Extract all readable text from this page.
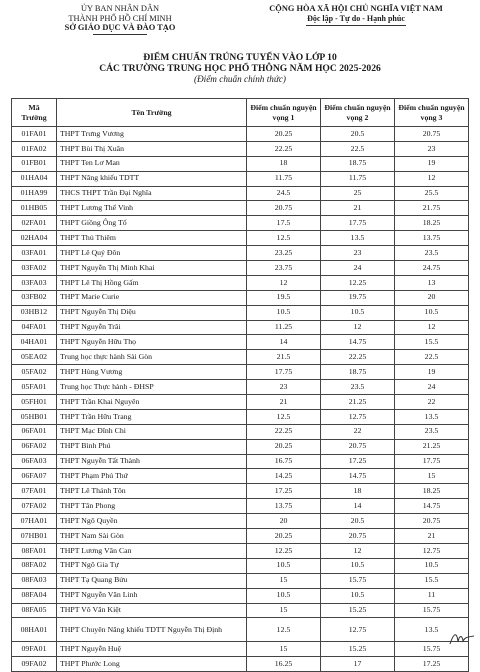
ỦY BAN NHÂN DÂN
THÀNH PHỐ HỒ CHÍ MINH
SỞ GIÁO DỤC VÀ ĐÀO TẠO
CỘNG HÒA XÃ HỘI CHỦ NGHĨA VIỆT NAM
Độc lập - Tự do - Hạnh phúc
ĐIỂM CHUẨN TRÚNG TUYỂN VÀO LỚP 10
CÁC TRƯỜNG TRUNG HỌC PHỔ THÔNG NĂM HỌC 2025-2026
(Điểm chuẩn chính thức)
Mã Trường	Tên Trường	Điểm chuẩn nguyện vọng 1	Điểm chuẩn nguyện vọng 2	Điểm chuẩn nguyện vọng 3
01FA01	THPT Trưng Vương	20.25	20.5	20.75
01FA02	THPT Bùi Thị Xuân	22.25	22.5	23
01FB01	THPT Ten Lơ Man	18	18.75	19
01HA04	THPT Năng khiếu TDTT	11.75	11.75	12
01HA99	THCS THPT Trần Đại Nghĩa	24.5	25	25.5
01HB05	THPT Lương Thế Vinh	20.75	21	21.75
02FA01	THPT Giồng Ông Tố	17.5	17.75	18.25
02HA04	THPT Thủ Thiêm	12.5	13.5	13.75
03FA01	THPT Lê Quý Đôn	23.25	23	23.5
03FA02	THPT Nguyễn Thị Minh Khai	23.75	24	24.75
03FA03	THPT Lê Thị Hồng Gấm	12	12.25	13
03FB02	THPT Marie Curie	19.5	19.75	20
03HB12	THPT Nguyễn Thị Diệu	10.5	10.5	10.5
04FA01	THPT Nguyễn Trãi	11.25	12	12
04HA01	THPT Nguyễn Hữu Thọ	14	14.75	15.5
05EA02	Trung học thực hành Sài Gòn	21.5	22.25	22.5
05FA02	THPT Hùng Vương	17.75	18.75	19
05FA01	Trung học Thực hành - ĐHSP	23	23.5	24
05FH01	THPT Trần Khai Nguyên	21	21.25	22
05HB01	THPT Trần Hữu Trang	12.5	12.75	13.5
06FA01	THPT Mạc Đĩnh Chi	22.25	22	23.5
06FA02	THPT Bình Phú	20.25	20.75	21.25
06FA03	THPT Nguyễn Tất Thành	16.75	17.25	17.75
06FA07	THPT Phạm Phú Thứ	14.25	14.75	15
07FA01	THPT Lê Thánh Tôn	17.25	18	18.25
07FA02	THPT Tân Phong	13.75	14	14.75
07HA01	THPT Ngô Quyền	20	20.5	20.75
07HB01	THPT Nam Sài Gòn	20.25	20.75	21
08FA01	THPT Lương Văn Can	12.25	12	12.75
08FA02	THPT Ngô Gia Tự	10.5	10.5	10.5
08FA03	THPT Tạ Quang Bửu	15	15.75	15.5
08FA04	THPT Nguyễn Văn Linh	10.5	10.5	11
08FA05	THPT Võ Văn Kiệt	15	15.25	15.75
08HA01	THPT Chuyên Năng khiếu TDTT Nguyễn Thị Định	12.5	12.75	13.5
09FA01	THPT Nguyễn Huệ	15	15.25	15.75
09FA02	THPT Phước Long	16.25	17	17.25
